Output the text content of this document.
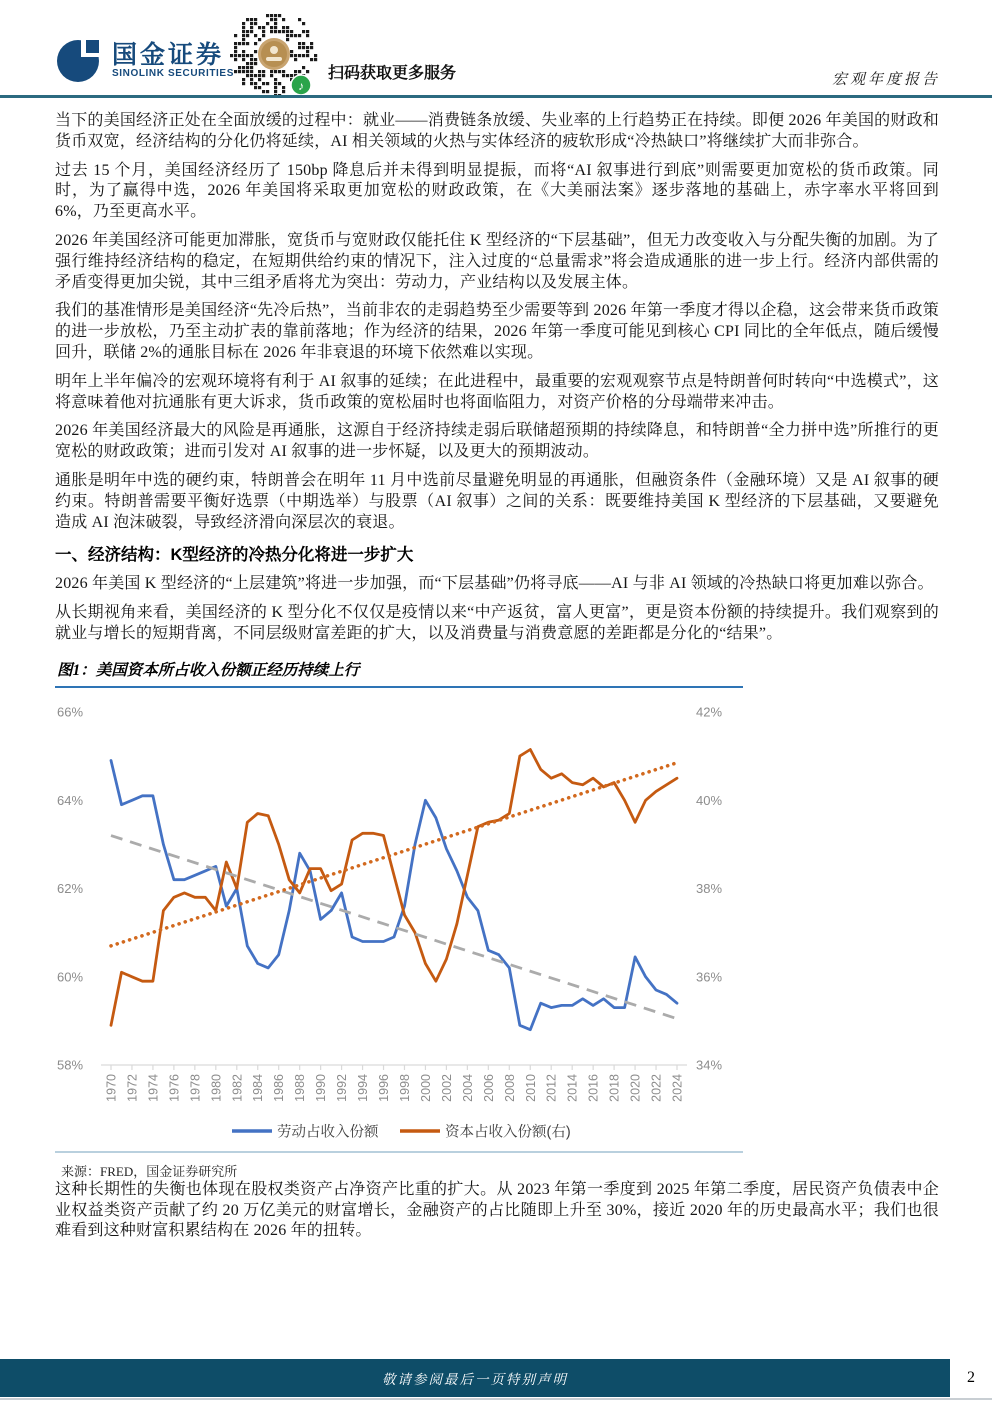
国金证券
SINOLINK SECURITIES
♪
扫码获取更多服务	宏观年度报告

当下的美国经济正处在全面放缓的过程中：就业——消费链条放缓、失业率的上行趋势正在持续。即便 2026 年美国的财政和货币双宽，经济结构的分化仍将延续，AI 相关领域的火热与实体经济的疲软形成“冷热缺口”将继续扩大而非弥合。

过去 15 个月，美国经济经历了 150bp 降息后并未得到明显提振，而将“AI 叙事进行到底”则需要更加宽松的货币政策。同时，为了赢得中选，2026 年美国将采取更加宽松的财政政策，在《大美丽法案》逐步落地的基础上，赤字率水平将回到 6%，乃至更高水平。

2026 年美国经济可能更加滞胀，宽货币与宽财政仅能托住 K 型经济的“下层基础”，但无力改变收入与分配失衡的加剧。为了强行维持经济结构的稳定，在短期供给约束的情况下，注入过度的“总量需求”将会造成通胀的进一步上行。经济内部供需的矛盾变得更加尖锐，其中三组矛盾将尤为突出：劳动力，产业结构以及发展主体。

我们的基准情形是美国经济“先冷后热”，当前非农的走弱趋势至少需要等到 2026 年第一季度才得以企稳，这会带来货币政策的进一步放松，乃至主动扩表的靠前落地；作为经济的结果，2026 年第一季度可能见到核心 CPI 同比的全年低点，随后缓慢回升，联储 2%的通胀目标在 2026 年非衰退的环境下依然难以实现。

明年上半年偏冷的宏观环境将有利于 AI 叙事的延续；在此进程中，最重要的宏观观察节点是特朗普何时转向“中选模式”，这将意味着他对抗通胀有更大诉求，货币政策的宽松届时也将面临阻力，对资产价格的分母端带来冲击。

2026 年美国经济最大的风险是再通胀，这源自于经济持续走弱后联储超预期的持续降息，和特朗普“全力拼中选”所推行的更宽松的财政政策；进而引发对 AI 叙事的进一步怀疑，以及更大的预期波动。

通胀是明年中选的硬约束，特朗普会在明年 11 月中选前尽量避免明显的再通胀，但融资条件（金融环境）又是 AI 叙事的硬约束。特朗普需要平衡好选票（中期选举）与股票（AI 叙事）之间的关系：既要维持美国 K 型经济的下层基础，又要避免造成 AI 泡沫破裂，导致经济滑向深层次的衰退。

一、经济结构：K型经济的冷热分化将进一步扩大

2026 年美国 K 型经济的“上层建筑”将进一步加强，而“下层基础”仍将寻底——AI 与非 AI 领域的冷热缺口将更加难以弥合。

从长期视角来看，美国经济的 K 型分化不仅仅是疫情以来“中产返贫，富人更富”，更是资本份额的持续提升。我们观察到的就业与增长的短期背离，不同层级财富差距的扩大，以及消费量与消费意愿的差距都是分化的“结果”。

图1：美国资本所占收入份额正经历持续上行
58%
60%
62%
64%
66%
34%
36%
38%
40%
42%
1970 1972 1974 1976 1978 1980 1982 1984 1986 1988 1990 1992 1994 1996 1998 2000 2002 2004 2006 2008 2010 2012 2014 2016 2018 2020 2022 2024
劳动占收入份额	资本占收入份额(右)
来源：FRED，国金证券研究所

这种长期性的失衡也体现在股权类资产占净资产比重的扩大。从 2023 年第一季度到 2025 年第二季度，居民资产负债表中企业权益类资产贡献了约 20 万亿美元的财富增长，金融资产的占比随即上升至 30%，接近 2020 年的历史最高水平；我们也很难看到这种财富积累结构在 2026 年的扭转。

敬请参阅最后一页特别声明	2
